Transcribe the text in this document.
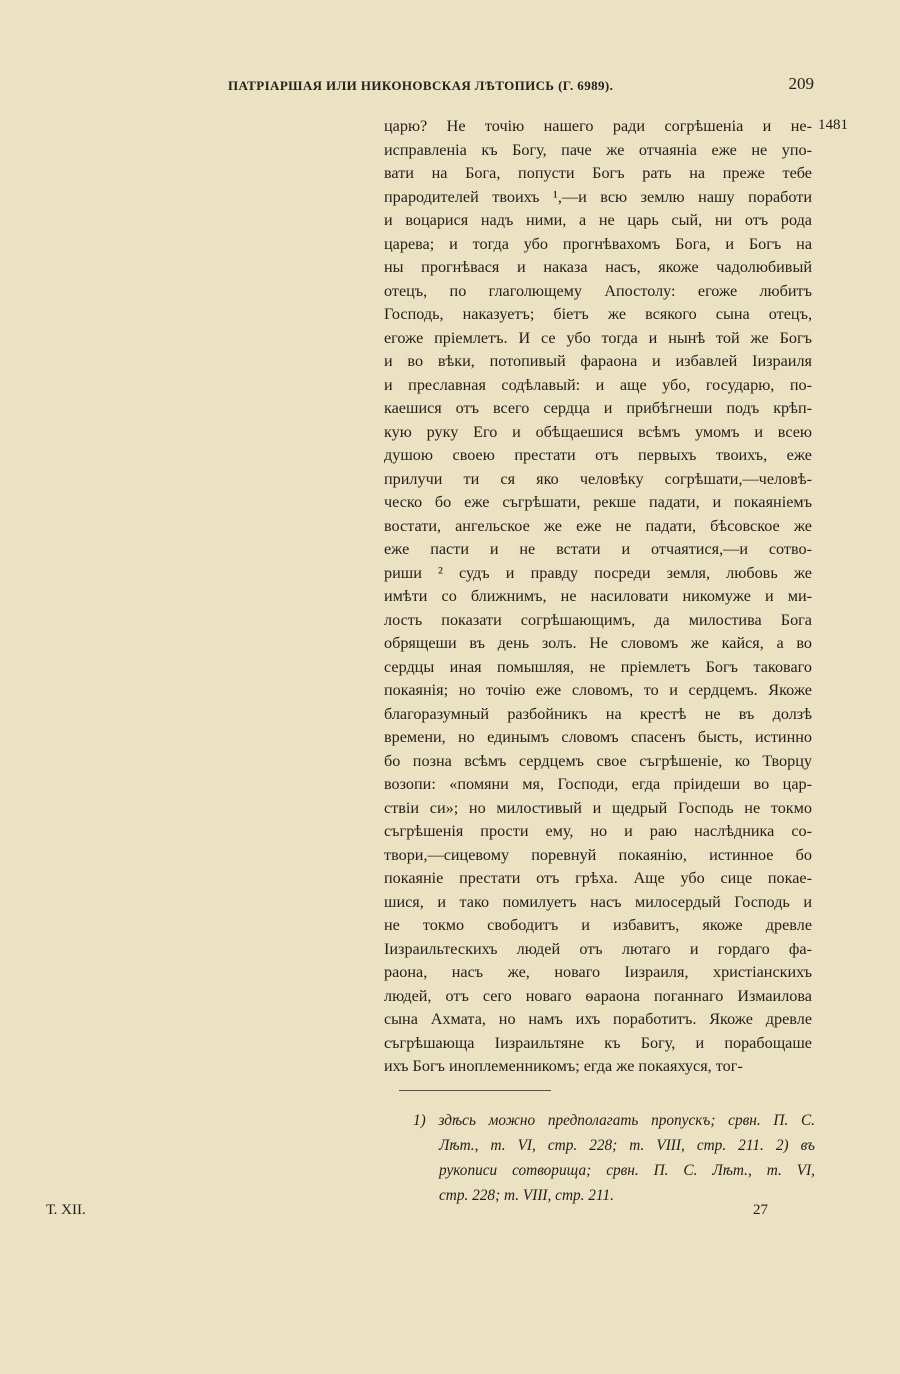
ПАТРІАРШАЯ ИЛИ НИКОНОВСКАЯ ЛѢТОПИСЬ (Г. 6989).	209
1481
царю? Не точію нашего ради согрѣшеніа и не-
исправленіа къ Богу, паче же отчаяніа еже не упо-
вати на Бога, попусти Богъ рать на преже тебе
прародителей твоихъ ¹,—и всю землю нашу поработи
и воцарися надъ ними, а не царь сый, ни отъ рода
царева; и тогда убо прогнѣвахомъ Бога, и Богъ на
ны прогнѣвася и наказа насъ, якоже чадолюбивый
отецъ, по глаголющему Апостолу: егоже любитъ
Господь, наказуетъ; біетъ же всякого сына отецъ,
егоже пріемлетъ. И се убо тогда и нынѣ той же Богъ
и во вѣки, потопивый фараона и избавлей Іизраиля
и преславная содѣлавый: и аще убо, государю, по-
каешися отъ всего сердца и прибѣгнеши подъ крѣп-
кую руку Его и обѣщаешися всѣмъ умомъ и всею
душою своею престати отъ первыхъ твоихъ, еже
прилучи ти ся яко человѣку согрѣшати,—человѣ-
ческо бо еже съгрѣшати, рекше падати, и покаяніемъ
востати, ангельское же еже не падати, бѣсовское же
еже пасти и не встати и отчаятися,—и сотво-
риши ² судъ и правду посреди земля, любовь же
имѣти со ближнимъ, не насиловати никомуже и ми-
лость показати согрѣшающимъ, да милостива Бога
обрящеши въ день золъ. Не словомъ же кайся, а во
сердцы иная помышляя, не пріемлетъ Богъ таковаго
покаянія; но точію еже словомъ, то и сердцемъ. Якоже
благоразумный разбойникъ на крестѣ не въ долзѣ
времени, но единымъ словомъ спасенъ бысть, истинно
бо позна всѣмъ сердцемъ свое съгрѣшеніе, ко Творцу
возопи: «помяни мя, Господи, егда пріидеши во цар-
ствіи си»; но милостивый и щедрый Господь не токмо
съгрѣшенія прости ему, но и раю наслѣдника со-
твори,—сицевому поревнуй покаянію, истинное бо
покаяніе престати отъ грѣха. Аще убо сице покае-
шися, и тако помилуетъ насъ милосердый Господь и
не токмо свободитъ и избавитъ, якоже древле
Іизраильтескихъ людей отъ лютаго и гордаго фа-
раона, насъ же, новаго Іизраиля, христіанскихъ
людей, отъ сего новаго ѳараона поганнаго Измаилова
сына Ахмата, но намъ ихъ поработитъ. Якоже древле
съгрѣшающа Іизраильтяне къ Богу, и порабощаше
ихъ Богъ иноплеменникомъ; егда же покаяхуся, тог-
1) здѣсь можно предполагать пропускъ; срвн. П. С.
Лѣт., т. VI, стр. 228; т. VIII, стр. 211. 2) въ
рукописи сотворища; срвн. П. С. Лѣт., т. VI,
стр. 228; т. VIII, стр. 211.
Т. XII.	27
